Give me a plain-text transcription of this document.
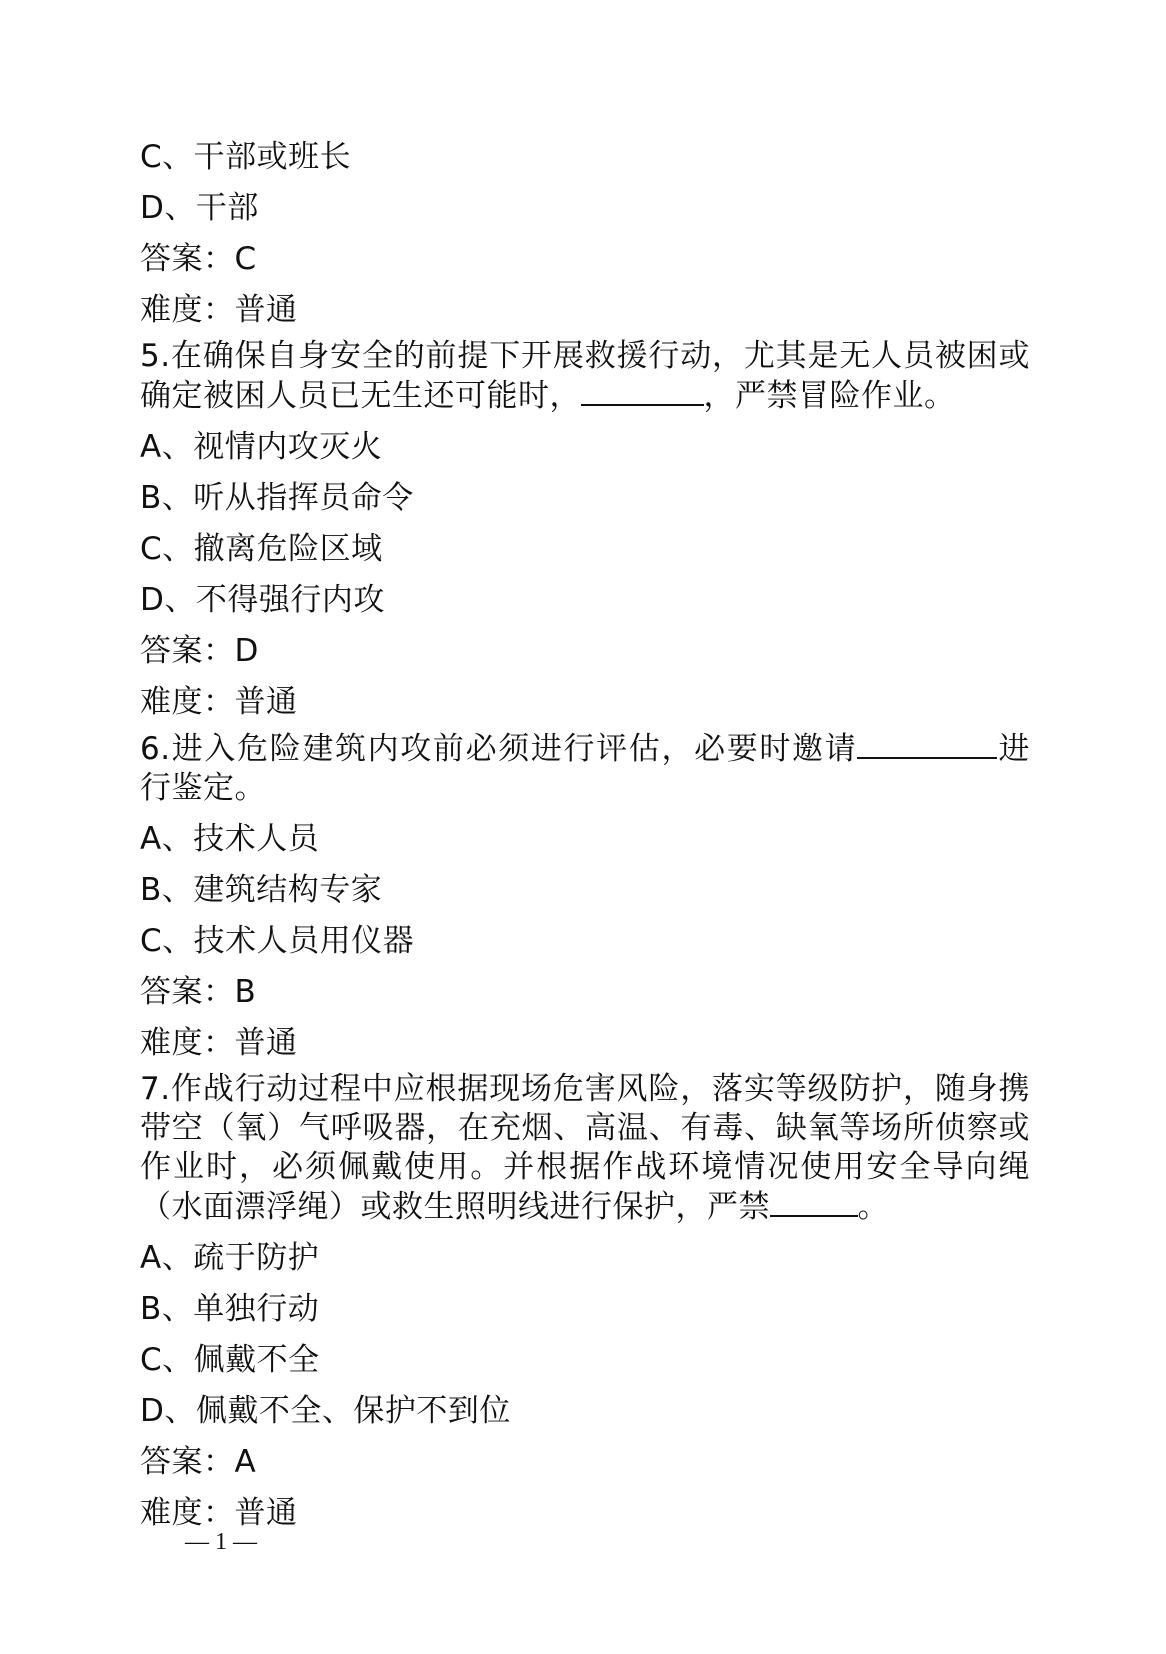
C、干部或班长
D、干部
答案：C
难度：普通
5.在确保自身安全的前提下开展救援行动，尤其是无人员被困或确定被困人员已无生还可能时，	，严禁冒险作业。
A、视情内攻灭火
B、听从指挥员命令
C、撤离危险区域
D、不得强行内攻
答案：D
难度：普通
6.进入危险建筑内攻前必须进行评估，必要时邀请	进行鉴定。
A、技术人员
B、建筑结构专家
C、技术人员用仪器
答案：B
难度：普通
7.作战行动过程中应根据现场危害风险，落实等级防护，随身携带空（氧）气呼吸器，在充烟、高温、有毒、缺氧等场所侦察或作业时，必须佩戴使用。并根据作战环境情况使用安全导向绳（水面漂浮绳）或救生照明线进行保护，严禁	。
A、疏于防护
B、单独行动
C、佩戴不全
D、佩戴不全、保护不到位
答案：A
难度：普通
— 1 —
